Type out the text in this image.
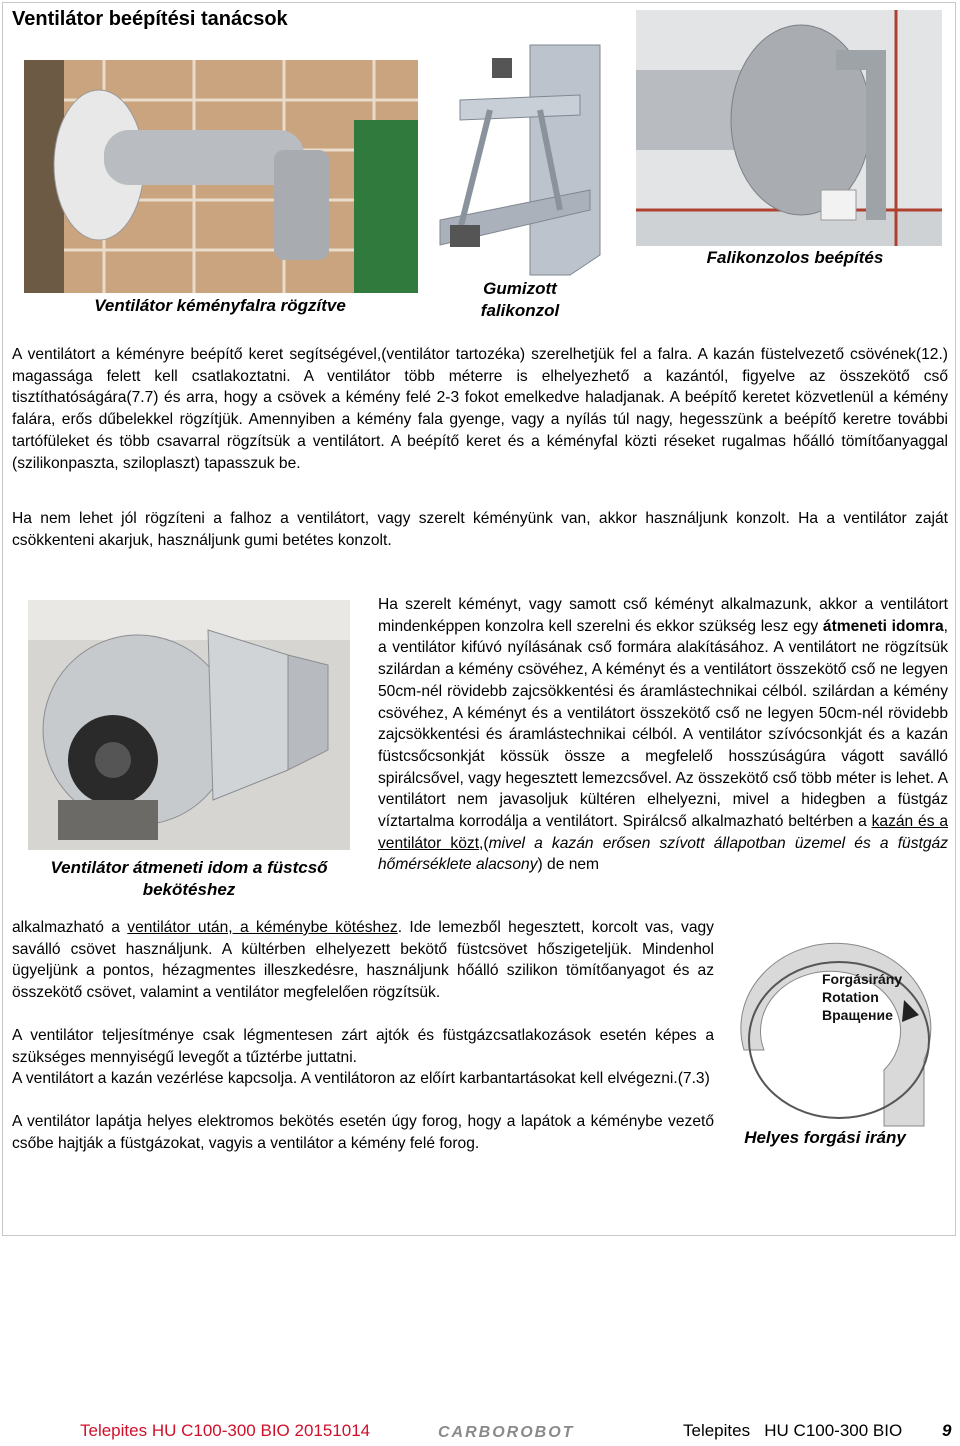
Ventilátor beépítési tanácsok
Ventilátor kéményfalra rögzítve
Gumizott
falikonzol
Falikonzolos beépítés
A ventilátort a kéményre beépítő keret segítségével,(ventilátor tartozéka) szerelhetjük fel a falra. A kazán füstelvezető csövének(12.) magassága felett kell csatlakoztatni. A ventilátor több méterre is elhelyezhető a kazántól, figyelve az összekötő cső tisztíthatóságára(7.7) és arra, hogy a csövek a kémény felé 2-3 fokot emelkedve haladjanak. A beépítő keretet közvetlenül a kémény falára, erős dűbelekkel rögzítjük. Amennyiben a kémény fala gyenge, vagy a nyílás túl nagy, hegesszünk a beépítő keretre további tartófüleket és több csavarral rögzítsük a ventilátort. A beépítő keret és a kéményfal közti réseket rugalmas hőálló tömítőanyaggal (szilikonpaszta, sziloplaszt) tapasszuk be.
Ha nem lehet jól rögzíteni a falhoz a ventilátort, vagy szerelt kéményünk van, akkor használjunk konzolt. Ha a ventilátor zaját csökkenteni akarjuk, használjunk gumi betétes konzolt.
Ventilátor átmeneti idom a füstcső bekötéshez
Ha szerelt kéményt, vagy samott cső kéményt alkalmazunk, akkor a ventilátort mindenképpen konzolra kell szerelni és ekkor szükség lesz egy átmeneti idomra, a ventilátor kifúvó nyílásának cső formára alakításához. A ventilátort ne rögzítsük szilárdan a kémény csövéhez, A kéményt és a ventilátort összekötő cső ne legyen 50cm-nél rövidebb zajcsökkentési és áramlástechnikai célból. szilárdan a kémény csövéhez, A kéményt és a ventilátort összekötő cső ne legyen 50cm-nél rövidebb zajcsökkentési és áramlástechnikai célból. A ventilátor szívócsonkját és a kazán füstcsőcsonkját kössük össze a megfelelő hosszúságúra vágott saválló spirálcsővel, vagy hegesztett lemezcsővel. Az összekötő cső több méter is lehet. A ventilátort nem javasoljuk kültéren elhelyezni, mivel a hidegben a füstgáz víztartalma korrodálja a ventilátort. Spirálcső alkalmazható beltérben a kazán és a ventilátor közt,(mivel a kazán erősen szívott állapotban üzemel és a füstgáz hőmérséklete alacsony) de nem
alkalmazható a ventilátor után, a kéménybe kötéshez. Ide lemezből hegesztett, korcolt vas, vagy saválló csövet használjunk. A kültérben elhelyezett bekötő füstcsövet hőszigeteljük. Mindenhol ügyeljünk a pontos, hézagmentes illeszkedésre, használjunk hőálló szilikon tömítőanyagot és az összekötő csövet, valamint a ventilátor megfelelően rögzítsük.
A ventilátor teljesítménye csak légmentesen zárt ajtók és füstgázcsatlakozások esetén képes a szükséges mennyiségű levegőt a tűztérbe juttatni.
A ventilátort a kazán vezérlése kapcsolja. A ventilátoron az előírt karbantartásokat kell elvégezni.(7.3)
A ventilátor lapátja helyes elektromos bekötés esetén úgy forog, hogy a lapátok a kéménybe vezető csőbe hajtják a füstgázokat, vagyis a ventilátor a kémény felé forog.
Forgásirány
Rotation
Вращение
Helyes forgási irány
Telepites HU C100-300 BIO 20151014	CARBOROBOT	Telepites   HU C100-300 BIO 9
